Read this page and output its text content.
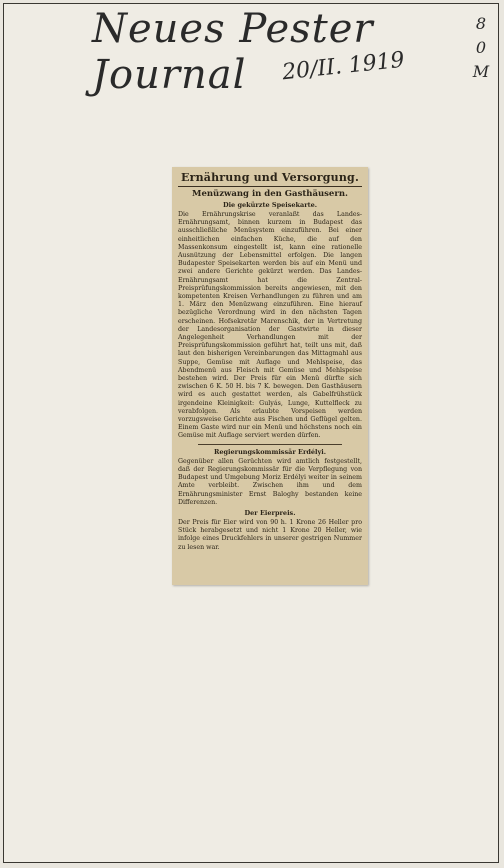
Neues Pester Journal	20/II. 1919
8
0
M
Ernährung und Versorgung.
Menüzwang in den Gasthäusern.
Die gekürzte Speisekarte.

Die Ernährungskrise veranlaßt das Landes-Ernährungsamt, binnen kurzem in Budapest das ausschließliche Menüsystem einzuführen. Bei einer einheitlichen einfachen Küche, die auf den Massenkonsum eingestellt ist, kann eine rationelle Ausnützung der Lebensmittel erfolgen. Die langen Budapester Speisekarten werden bis auf ein Menü und zwei andere Gerichte gekürzt werden. Das Landes-Ernährungsamt hat die Zentral-Preisprüfungskommission bereits angewiesen, mit den kompetenten Kreisen Verhandlungen zu führen und am 1. März den Menüzwang einzuführen. Eine hierauf bezügliche Verordnung wird in den nächsten Tagen erscheinen. Hofsekretär Marenschik, der in Vertretung der Landesorganisation der Gastwirte in dieser Angelegenheit Verhandlungen mit der Preisprüfungskommission geführt hat, teilt uns mit, daß laut den bisherigen Vereinbarungen das Mittagmahl aus Suppe, Gemüse mit Auflage und Mehlspeise, das Abendmenü aus Fleisch mit Gemüse und Mehlspeise bestehen wird. Der Preis für ein Menü dürfte sich zwischen 6 K. 50 H. bis 7 K. bewegen. Den Gasthäusern wird es auch gestattet werden, als Gabelfrühstück irgendeine Kleinigkeit: Gulyás, Lunge, Kuttelfleck zu verabfolgen. Als erlaubte Vorspeisen werden vorzugsweise Gerichte aus Fischen und Geflügel gelten. Einem Gaste wird nur ein Menü und höchstens noch ein Gemüse mit Auflage serviert werden dürfen.

Regierungskommissär Erdélyi.

Gegenüber allen Gerüchten wird amtlich festgestellt, daß der Regierungskommissär für die Verpflegung von Budapest und Umgebung Moriz Erdélyi weiter in seinem Amte verbleibt. Zwischen ihm und dem Ernährungsminister Ernst Baloghy bestanden keine Differenzen.

Der Eierpreis.

Der Preis für Eier wird von 90 h. 1 Krone 26 Heller pro Stück herabgesetzt und nicht 1 Krone 20 Heller, wie infolge eines Druckfehlers in unserer gestrigen Nummer zu lesen war.
